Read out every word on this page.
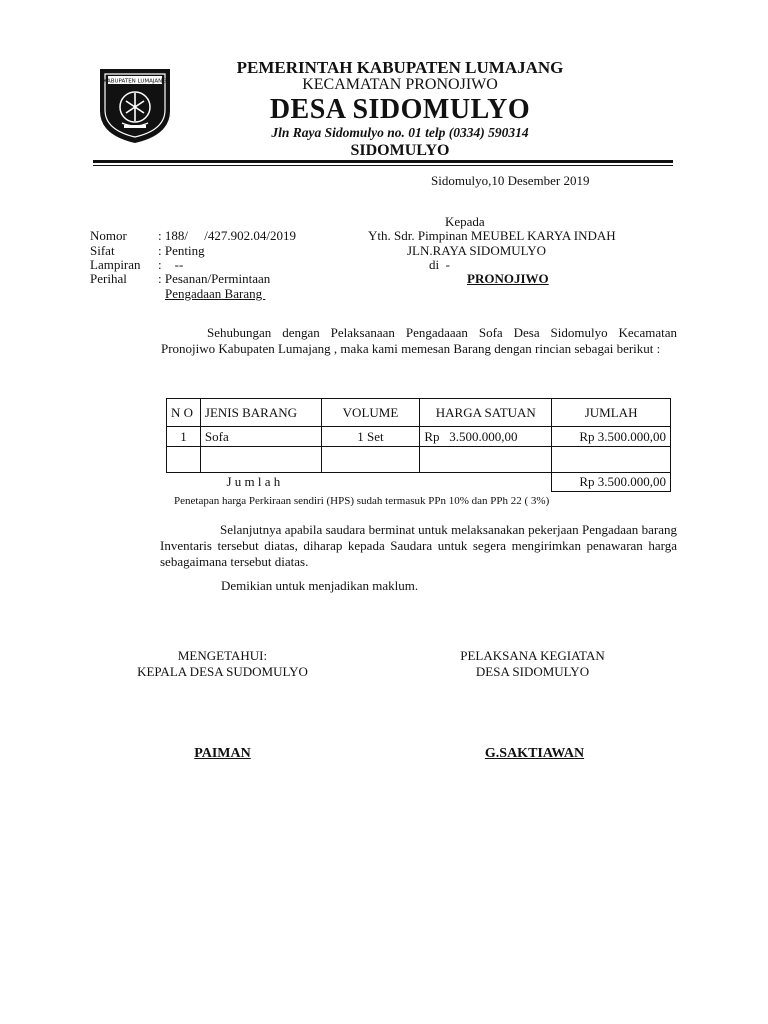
KABUPATEN LUMAJANG
PEMERINTAH KABUPATEN LUMAJANG
KECAMATAN PRONOJIWO
DESA SIDOMULYO
Jln Raya Sidomulyo no. 01 telp (0334) 590314
SIDOMULYO
Sidomulyo,10 Desember 2019
Nomor : 188/     /427.902.04/2019
Sifat	: Penting
Lampiran :    --
Perihal : Pesanan/Permintaan
Pengadaan Barang
Kepada
Yth. Sdr. Pimpinan MEUBEL KARYA INDAH
JLN.RAYA SIDOMULYO
di  -
PRONOJIWO
Sehubungan dengan Pelaksanaan Pengadaaan Sofa Desa Sidomulyo Kecamatan Pronojiwo Kabupaten Lumajang , maka kami memesan Barang dengan rincian sebagai berikut :
N O	JENIS BARANG	VOLUME	HARGA SATUAN	JUMLAH
1	Sofa	1 Set	Rp   3.500.000,00	Rp 3.500.000,00

J u m l a h				Rp 3.500.000,00
Penetapan harga Perkiraan sendiri (HPS) sudah termasuk PPn 10% dan PPh 22 ( 3%)
Selanjutnya apabila saudara berminat untuk melaksanakan pekerjaan Pengadaan barang Inventaris tersebut diatas, diharap kepada Saudara untuk segera mengirimkan penawaran harga sebagaimana tersebut diatas.
Demikian untuk menjadikan maklum.
MENGETAHUI:
KEPALA DESA SUDOMULYO
PELAKSANA KEGIATAN
DESA SIDOMULYO
PAIMAN	G.SAKTIAWAN
